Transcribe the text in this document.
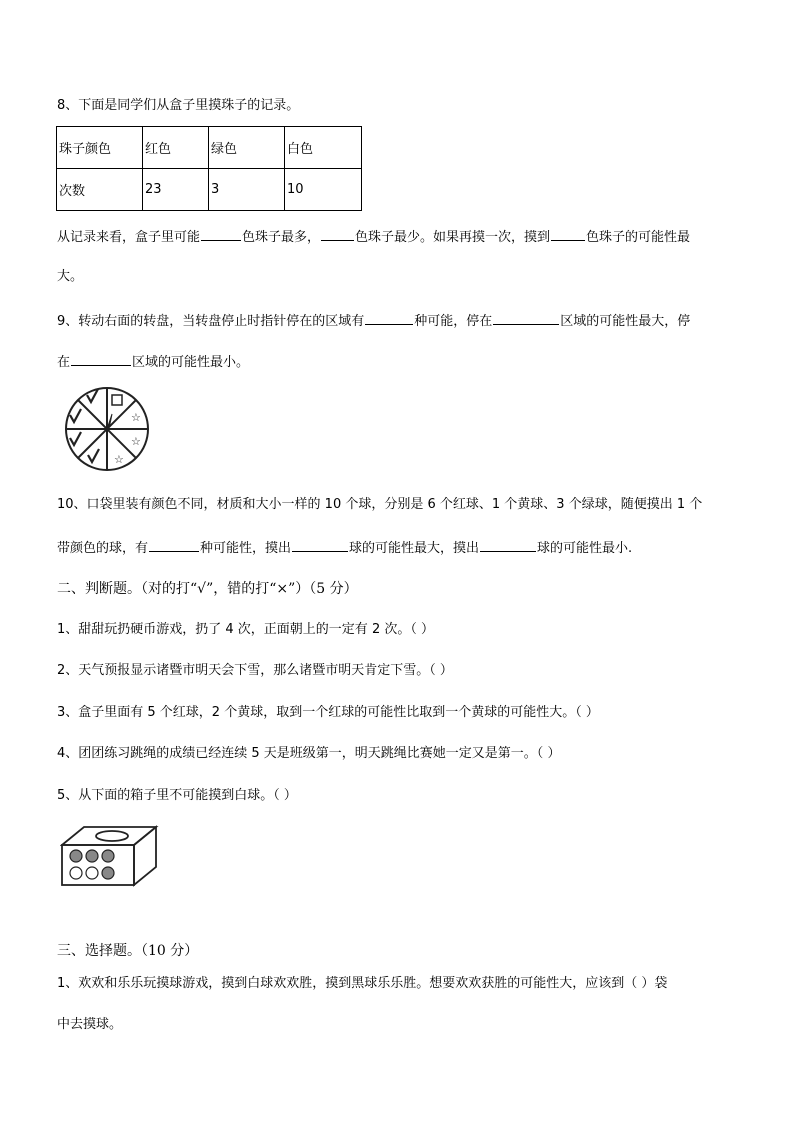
8、下面是同学们从盒子里摸珠子的记录。
珠子颜色	红色	绿色	白色
次数	23	3	10
从记录来看，盒子里可能	色珠子最多，	色珠子最少。如果再摸一次，摸到	色珠子的可能性最
大。
9、转动右面的转盘，当转盘停止时指针停在的区域有	种可能，停在	区域的可能性最大，停
在	区域的可能性最小。
☆
☆
☆
10、口袋里装有颜色不同，材质和大小一样的 10 个球，分别是 6 个红球、1 个黄球、3 个绿球，随便摸出 1 个
带颜色的球，有	种可能性，摸出	球的可能性最大，摸出	球的可能性最小.
二、判断题。（对的打“√”，错的打“×”）（5 分）
1、甜甜玩扔硬币游戏，扔了 4 次，正面朝上的一定有 2 次。（ ）
2、天气预报显示诸暨市明天会下雪，那么诸暨市明天肯定下雪。（ ）
3、盒子里面有 5 个红球，2 个黄球，取到一个红球的可能性比取到一个黄球的可能性大。（ ）
4、团团练习跳绳的成绩已经连续 5 天是班级第一，明天跳绳比赛她一定又是第一。（ ）
5、从下面的箱子里不可能摸到白球。（ ）
三、选择题。（10 分）
1、欢欢和乐乐玩摸球游戏，摸到白球欢欢胜，摸到黑球乐乐胜。想要欢欢获胜的可能性大，应该到（ ）袋
中去摸球。
